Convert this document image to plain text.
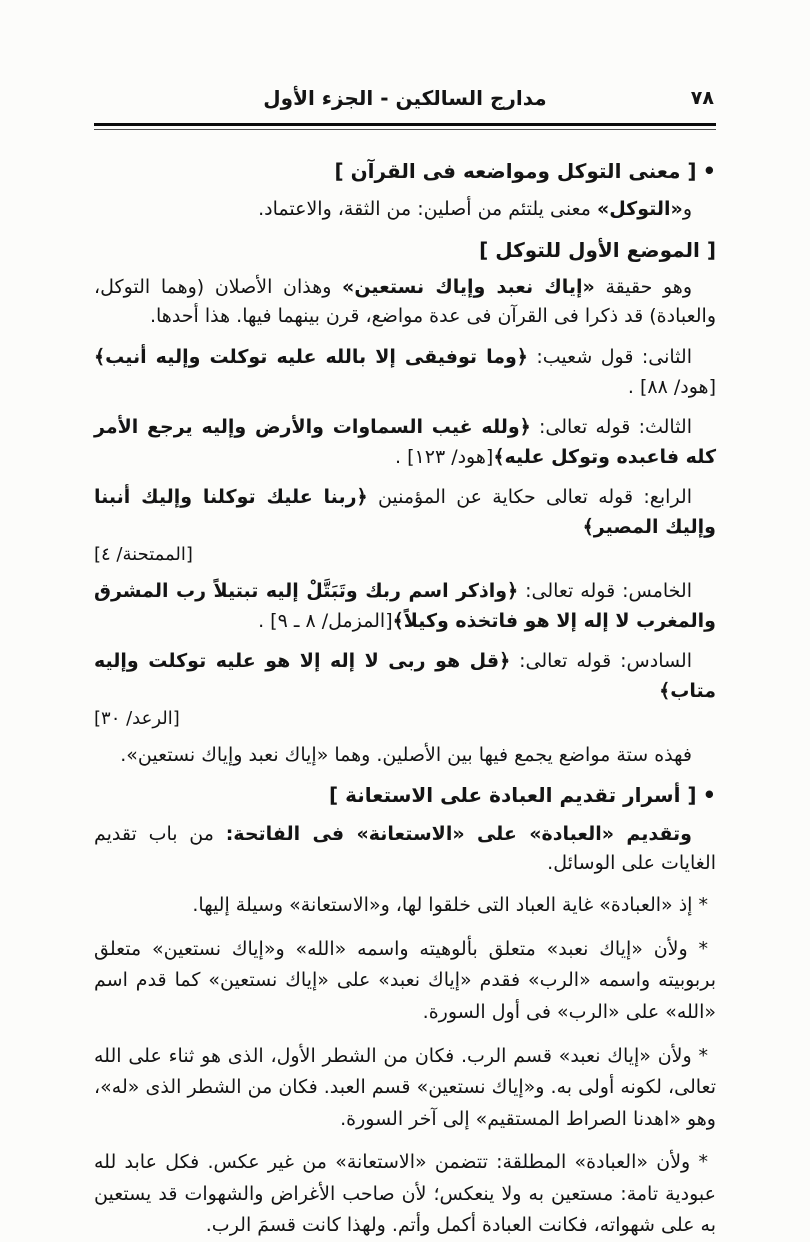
مدارج السالكين - الجزء الأول	٧٨

•[ معنى التوكل ومواضعه فى القرآن ]

و«التوكل» معنى يلتئم من أصلين: من الثقة، والاعتماد.

[ الموضع الأول للتوكل ]

وهو حقيقة «إياك نعبد وإياك نستعين» وهذان الأصلان (وهما التوكل، والعبادة) قد ذكرا فى القرآن فى عدة مواضع، قرن بينهما فيها. هذا أحدها.

الثانى: قول شعيب: ﴿وما توفيقى إلا بالله عليه توكلت وإليه أنيب﴾[هود/ ٨٨] .

الثالث: قوله تعالى: ﴿ولله غيب السماوات والأرض وإليه يرجع الأمر كله فاعبده وتوكل عليه﴾[هود/ ١٢٣] .

الرابع: قوله تعالى حكاية عن المؤمنين ﴿ربنا عليك توكلنا وإليك أنبنا وإليك المصير﴾

[الممتحنة/ ٤]

الخامس: قوله تعالى: ﴿واذكر اسم ربك وتَبَتَّلْ إليه تبتيلاً رب المشرق والمغرب لا إله إلا هو فاتخذه وكيلاً﴾[المزمل/ ٨ ـ ٩] .

السادس: قوله تعالى: ﴿قل هو ربى لا إله إلا هو عليه توكلت وإليه متاب﴾

[الرعد/ ٣٠]

فهذه ستة مواضع يجمع فيها بين الأصلين. وهما «إياك نعبد وإياك نستعين».

•[ أسرار تقديم العبادة على الاستعانة ]

وتقديم «العبادة» على «الاستعانة» فى الفاتحة: من باب تقديم الغايات على الوسائل.

* إذ «العبادة» غاية العباد التى خلقوا لها، و«الاستعانة» وسيلة إليها.

* ولأن «إياك نعبد» متعلق بألوهيته واسمه «الله» و«إياك نستعين» متعلق بربوبيته واسمه «الرب» فقدم «إياك نعبد» على «إياك نستعين» كما قدم اسم «الله» على «الرب» فى أول السورة.

* ولأن «إياك نعبد» قسم الرب. فكان من الشطر الأول، الذى هو ثناء على الله تعالى، لكونه أولى به. و«إياك نستعين» قسم العبد. فكان من الشطر الذى «له»، وهو «اهدنا الصراط المستقيم» إلى آخر السورة.

* ولأن «العبادة» المطلقة: تتضمن «الاستعانة» من غير عكس. فكل عابد لله عبودية تامة: مستعين به ولا ينعكس؛ لأن صاحب الأغراض والشهوات قد يستعين به على شهواته، فكانت العبادة أكمل وأتم. ولهذا كانت قسمَ الرب.
